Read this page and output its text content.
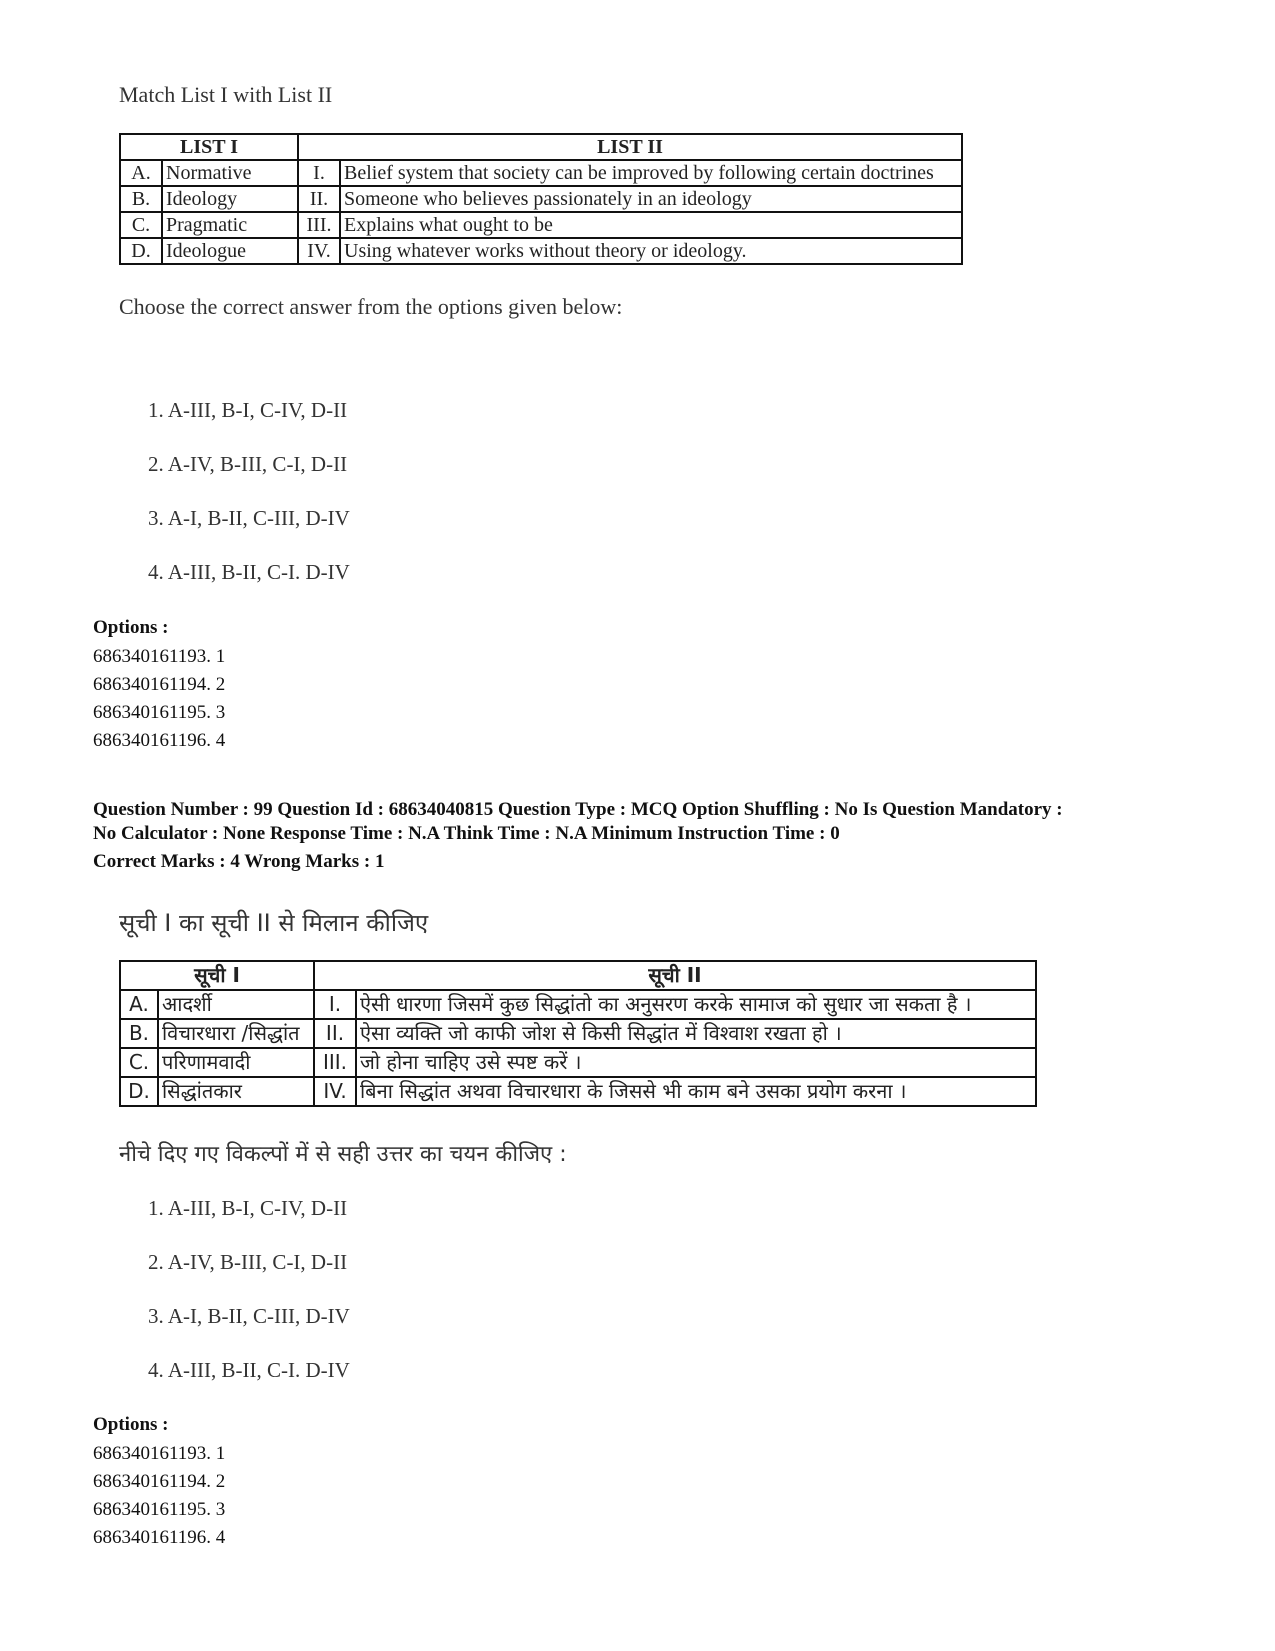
Match List I with List II
LIST I		LIST II	
A.	Normative	I.	Belief system that society can be improved by following certain doctrines
B.	Ideology	II.	Someone who believes passionately in an ideology
C.	Pragmatic	III.	Explains what ought to be
D.	Ideologue	IV.	Using whatever works without theory or ideology.
Choose the correct answer from the options given below:
1. A-III, B-I, C-IV, D-II
2. A-IV, B-III, C-I, D-II
3. A-I, B-II, C-III, D-IV
4. A-III, B-II, C-I. D-IV
Options :
686340161193. 1
686340161194. 2
686340161195. 3
686340161196. 4
Question Number : 99 Question Id : 68634040815 Question Type : MCQ Option Shuffling : No Is Question Mandatory :
No Calculator : None Response Time : N.A Think Time : N.A Minimum Instruction Time : 0
Correct Marks : 4 Wrong Marks : 1
सूची I का सूची II से मिलान कीजिए
सूची I		सूची II	
A.	आदर्शी	I.	ऐसी धारणा जिसमें कुछ सिद्धांतो का अनुसरण करके सामाज को सुधार जा सकता है ।
B.	विचारधारा /सिद्धांत	II.	ऐसा व्यक्ति जो काफी जोश से किसी सिद्धांत में विश्वाश रखता हो ।
C.	परिणामवादी	III.	जो होना चाहिए उसे स्पष्ट करें ।
D.	सिद्धांतकार	IV.	बिना सिद्धांत अथवा विचारधारा के जिससे भी काम बने उसका प्रयोग करना ।
नीचे दिए गए विकल्पों में से सही उत्तर का चयन कीजिए :
1. A-III, B-I, C-IV, D-II
2. A-IV, B-III, C-I, D-II
3. A-I, B-II, C-III, D-IV
4. A-III, B-II, C-I. D-IV
Options :
686340161193. 1
686340161194. 2
686340161195. 3
686340161196. 4
